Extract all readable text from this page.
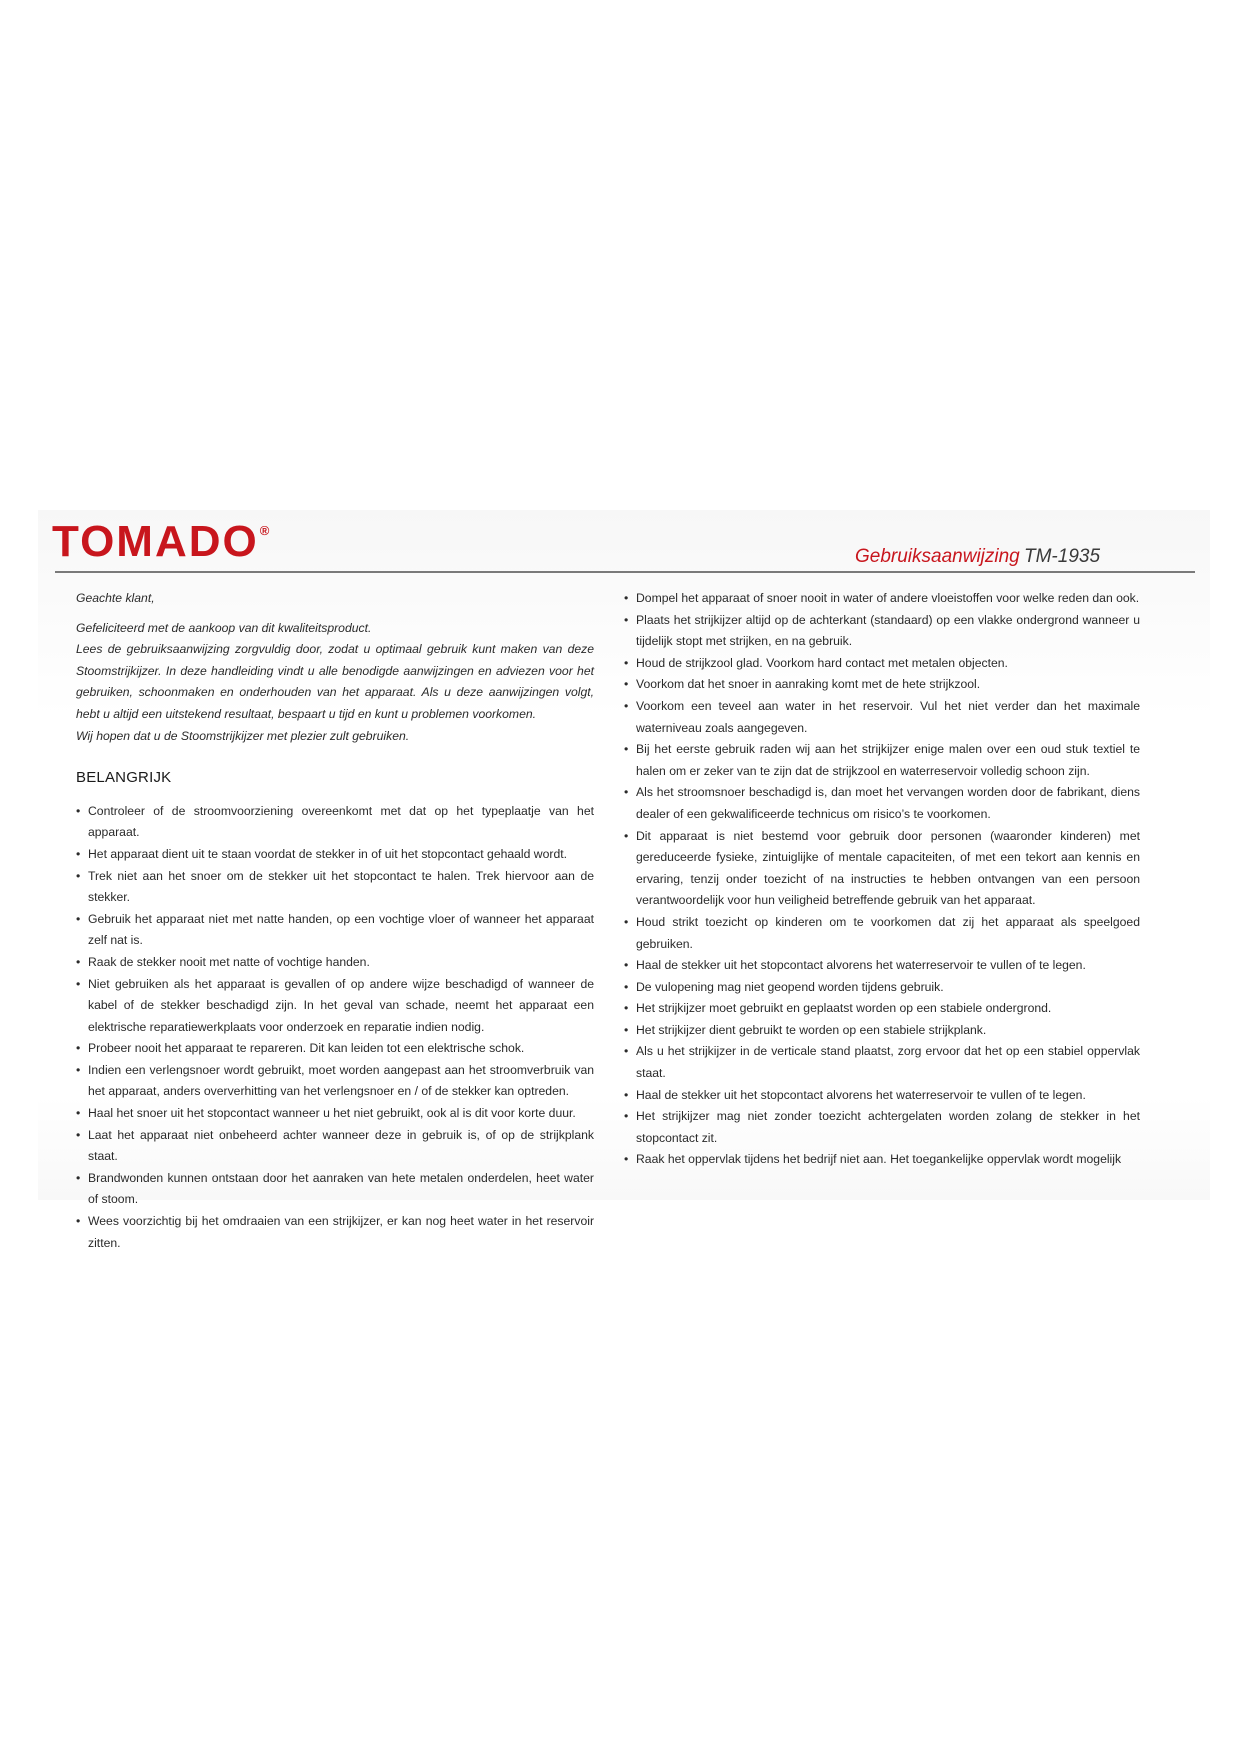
TOMADO®
Gebruiksaanwijzing TM-1935

Geachte klant,

Gefeliciteerd met de aankoop van dit kwaliteitsproduct.

Lees de gebruiksaanwijzing zorgvuldig door, zodat u optimaal gebruik kunt maken van deze Stoomstrijkijzer. In deze handleiding vindt u alle benodigde aanwijzingen en adviezen voor het gebruiken, schoonmaken en onderhouden van het apparaat. Als u deze aanwijzingen volgt, hebt u altijd een uitstekend resultaat, bespaart u tijd en kunt u problemen voorkomen.

Wij hopen dat u de Stoomstrijkijzer met plezier zult gebruiken.

BELANGRIJK
• Controleer of de stroomvoorziening overeenkomt met dat op het typeplaatje van het apparaat.
• Het apparaat dient uit te staan voordat de stekker in of uit het stopcontact gehaald wordt.
• Trek niet aan het snoer om de stekker uit het stopcontact te halen. Trek hiervoor aan de stekker.
• Gebruik het apparaat niet met natte handen, op een vochtige vloer of wanneer het apparaat zelf nat is.
• Raak de stekker nooit met natte of vochtige handen.
• Niet gebruiken als het apparaat is gevallen of op andere wijze beschadigd of wanneer de kabel of de stekker beschadigd zijn. In het geval van schade, neemt het apparaat een elektrische reparatiewerkplaats voor onderzoek en reparatie indien nodig.
• Probeer nooit het apparaat te repareren. Dit kan leiden tot een elektrische schok.
• Indien een verlengsnoer wordt gebruikt, moet worden aangepast aan het stroomverbruik van het apparaat, anders oververhitting van het verlengsnoer en / of de stekker kan optreden.
• Haal het snoer uit het stopcontact wanneer u het niet gebruikt, ook al is dit voor korte duur.
• Laat het apparaat niet onbeheerd achter wanneer deze in gebruik is, of op de strijkplank staat.
• Brandwonden kunnen ontstaan door het aanraken van hete metalen onderdelen, heet water of stoom.
• Wees voorzichtig bij het omdraaien van een strijkijzer, er kan nog heet water in het reservoir zitten.
• Dompel het apparaat of snoer nooit in water of andere vloeistoffen voor welke reden dan ook.
• Plaats het strijkijzer altijd op de achterkant (standaard) op een vlakke ondergrond wanneer u tijdelijk stopt met strijken, en na gebruik.
• Houd de strijkzool glad. Voorkom hard contact met metalen objecten.
• Voorkom dat het snoer in aanraking komt met de hete strijkzool.
• Voorkom een teveel aan water in het reservoir. Vul het niet verder dan het maximale waterniveau zoals aangegeven.
• Bij het eerste gebruik raden wij aan het strijkijzer enige malen over een oud stuk textiel te halen om er zeker van te zijn dat de strijkzool en waterreservoir volledig schoon zijn.
• Als het stroomsnoer beschadigd is, dan moet het vervangen worden door de fabrikant, diens dealer of een gekwalificeerde technicus om risico’s te voorkomen.
• Dit apparaat is niet bestemd voor gebruik door personen (waaronder kinderen) met gereduceerde fysieke, zintuiglijke of mentale capaciteiten, of met een tekort aan kennis en ervaring, tenzij onder toezicht of na instructies te hebben ontvangen van een persoon verantwoordelijk voor hun veiligheid betreffende gebruik van het apparaat.
• Houd strikt toezicht op kinderen om te voorkomen dat zij het apparaat als speelgoed gebruiken.
• Haal de stekker uit het stopcontact alvorens het waterreservoir te vullen of te legen.
• De vulopening mag niet geopend worden tijdens gebruik.
• Het strijkijzer moet gebruikt en geplaatst worden op een stabiele ondergrond.
• Het strijkijzer dient gebruikt te worden op een stabiele strijkplank.
• Als u het strijkijzer in de verticale stand plaatst, zorg ervoor dat het op een stabiel oppervlak staat.
• Haal de stekker uit het stopcontact alvorens het waterreservoir te vullen of te legen.
• Het strijkijzer mag niet zonder toezicht achtergelaten worden zolang de stekker in het stopcontact zit.
• Raak het oppervlak tijdens het bedrijf niet aan. Het toegankelijke oppervlak wordt mogelijk
